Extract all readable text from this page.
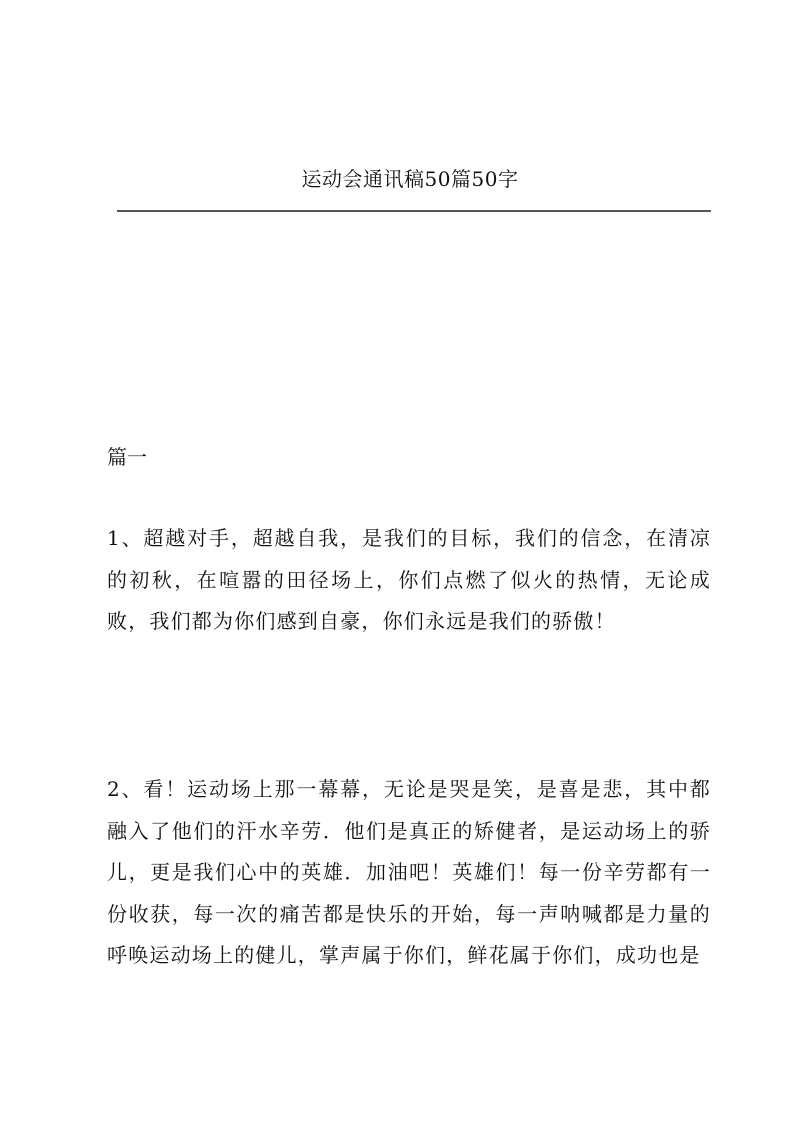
运动会通讯稿50篇50字
篇一

1、超越对手，超越自我，是我们的目标，我们的信念，在清凉的初秋，在喧嚣的田径场上，你们点燃了似火的热情，无论成败，我们都为你们感到自豪，你们永远是我们的骄傲！

2、看！运动场上那一幕幕，无论是哭是笑，是喜是悲，其中都融入了他们的汗水辛劳．他们是真正的矫健者，是运动场上的骄儿，更是我们心中的英雄．加油吧！英雄们！每一份辛劳都有一份收获，每一次的痛苦都是快乐的开始，每一声呐喊都是力量的呼唤运动场上的健儿，掌声属于你们，鲜花属于你们，成功也是
